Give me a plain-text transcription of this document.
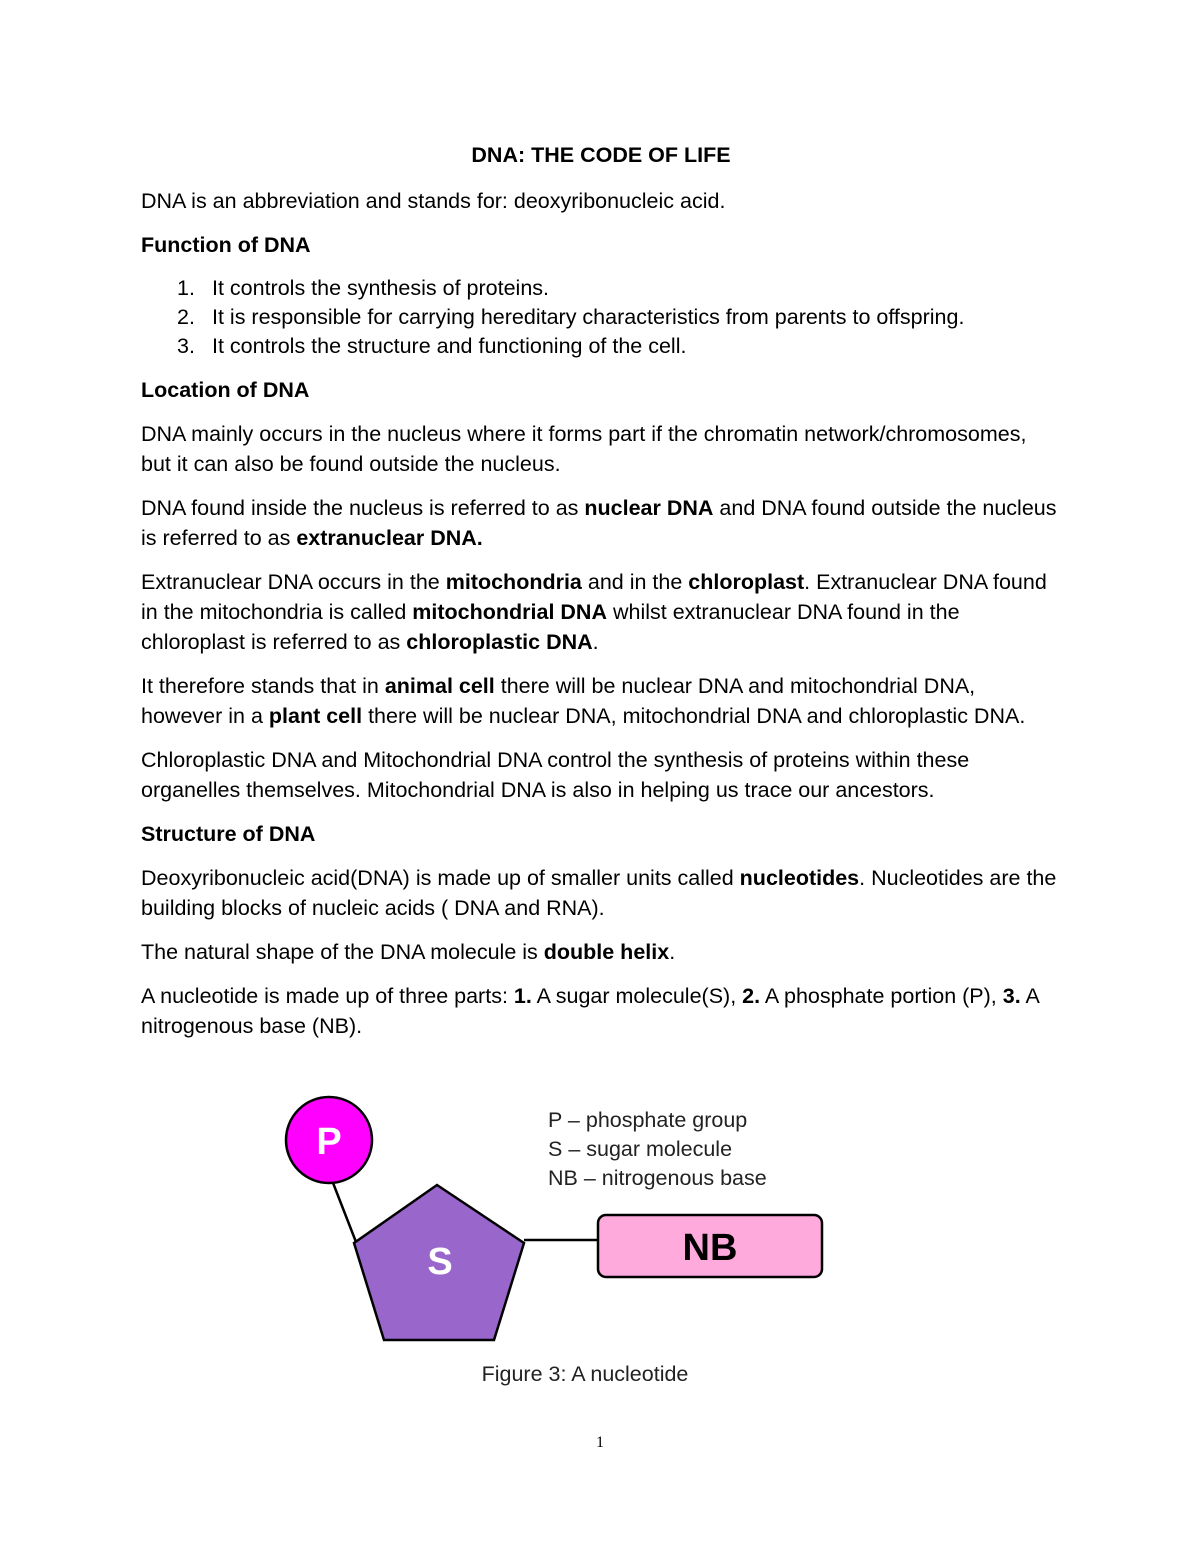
DNA: THE CODE OF LIFE

DNA is an abbreviation and stands for: deoxyribonucleic acid.

Function of DNA
1. It controls the synthesis of proteins.
2. It is responsible for carrying hereditary characteristics from parents to offspring.
3. It controls the structure and functioning of the cell.
Location of DNA

DNA mainly occurs in the nucleus where it forms part if the chromatin network/chromosomes, but it can also be found outside the nucleus.

DNA found inside the nucleus is referred to as nuclear DNA and DNA found outside the nucleus is referred to as extranuclear DNA.

Extranuclear DNA occurs in the mitochondria and in the chloroplast. Extranuclear DNA found in the mitochondria is called mitochondrial DNA whilst extranuclear DNA found in the chloroplast is referred to as chloroplastic DNA.

It therefore stands that in animal cell there will be nuclear DNA and mitochondrial DNA, however in a plant cell there will be nuclear DNA, mitochondrial DNA and chloroplastic DNA.

Chloroplastic DNA and Mitochondrial DNA control the synthesis of proteins within these organelles themselves. Mitochondrial DNA is also in helping us trace our ancestors.

Structure of DNA

Deoxyribonucleic acid(DNA) is made up of smaller units called nucleotides. Nucleotides are the building blocks of nucleic acids ( DNA and RNA).

The natural shape of the DNA molecule is double helix.

A nucleotide is made up of three parts: 1. A sugar molecule(S), 2. A phosphate portion (P), 3. A nitrogenous base (NB).

P
S	NB
P – phosphate group
S – sugar molecule
NB – nitrogenous base
Figure 3: A nucleotide
1
